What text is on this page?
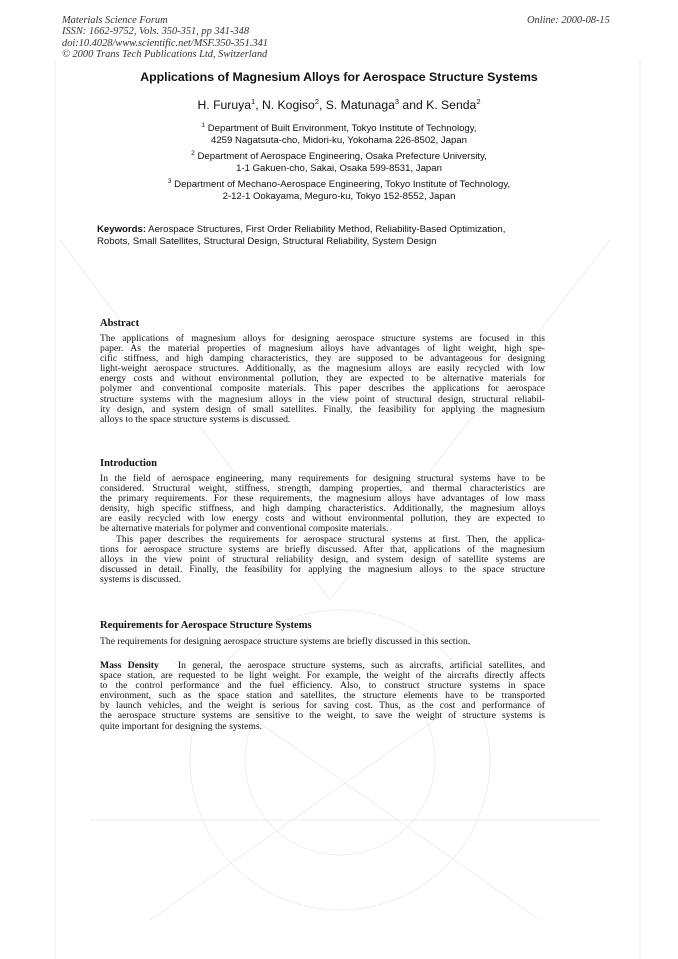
Materials Science Forum
ISSN: 1662-9752, Vols. 350-351, pp 341-348
doi:10.4028/www.scientific.net/MSF.350-351.341
© 2000 Trans Tech Publications Ltd, Switzerland
Online: 2000-08-15
Applications of Magnesium Alloys for Aerospace Structure Systems
H. Furuya$^1$, N. Kogiso$^2$, S. Matunaga$^3$ and K. Senda$^2$
$^1$ Department of Built Environment, Tokyo Institute of Technology,
4259 Nagatsuta-cho, Midori-ku, Yokohama 226-8502, Japan
$^2$ Department of Aerospace Engineering, Osaka Prefecture University,
1-1 Gakuen-cho, Sakai, Osaka 599-8531, Japan
$^3$ Department of Mechano-Aerospace Engineering, Tokyo Institute of Technology,
2-12-1 Ookayama, Meguro-ku, Tokyo 152-8552, Japan
Keywords: Aerospace Structures, First Order Reliability Method, Reliability-Based Optimization,
Robots, Small Satellites, Structural Design, Structural Reliability, System Design
Abstract
The applications of magnesium alloys for designing aerospace structure systems are focused in this
paper. As the material properties of magnesium alloys have advantages of light weight, high spe-
cific stiffness, and high damping characteristics, they are supposed to be advantageous for designing
light-weight aerospace structures. Additionally, as the magnesium alloys are easily recycled with low
energy costs and without environmental pollution, they are expected to be alternative materials for
polymer and conventional composite materials. This paper describes the applications for aerospace
structure systems with the magnesium alloys in the view point of structural design, structural reliabil-
ity design, and system design of small satellites. Finally, the feasibility for applying the magnesium
alloys to the space structure systems is discussed.
Introduction
In the field of aerospace engineering, many requirements for designing structural systems have to be
considered. Structural weight, stiffness, strength, damping properties, and thermal characteristics are
the primary requirements. For these requirements, the magnesium alloys have advantages of low mass
density, high specific stiffness, and high damping characteristics. Additionally, the magnesium alloys
are easily recycled with low energy costs and without environmental pollution, they are expected to
be alternative materials for polymer and conventional composite materials.
This paper describes the requirements for aerospace structural systems at first. Then, the applica-
tions for aerospace structure systems are briefly discussed. After that, applications of the magnesium
alloys in the view point of structural reliability design, and system design of satellite systems are
discussed in detail. Finally, the feasibility for applying the magnesium alloys to the space structure
systems is discussed.
Requirements for Aerospace Structure Systems
The requirements for designing aerospace structure systems are briefly discussed in this section.
Mass Density In general, the aerospace structure systems, such as aircrafts, artificial satellites, and
space station, are requested to be light weight. For example, the weight of the aircrafts directly affects
to the control performance and the fuel efficiency. Also, to construct structure systems in space
environment, such as the space station and satellites, the structure elements have to be transported
by launch vehicles, and the weight is serious for saving cost. Thus, as the cost and performance of
the aerospace structure systems are sensitive to the weight, to save the weight of structure systems is
quite important for designing the systems.
